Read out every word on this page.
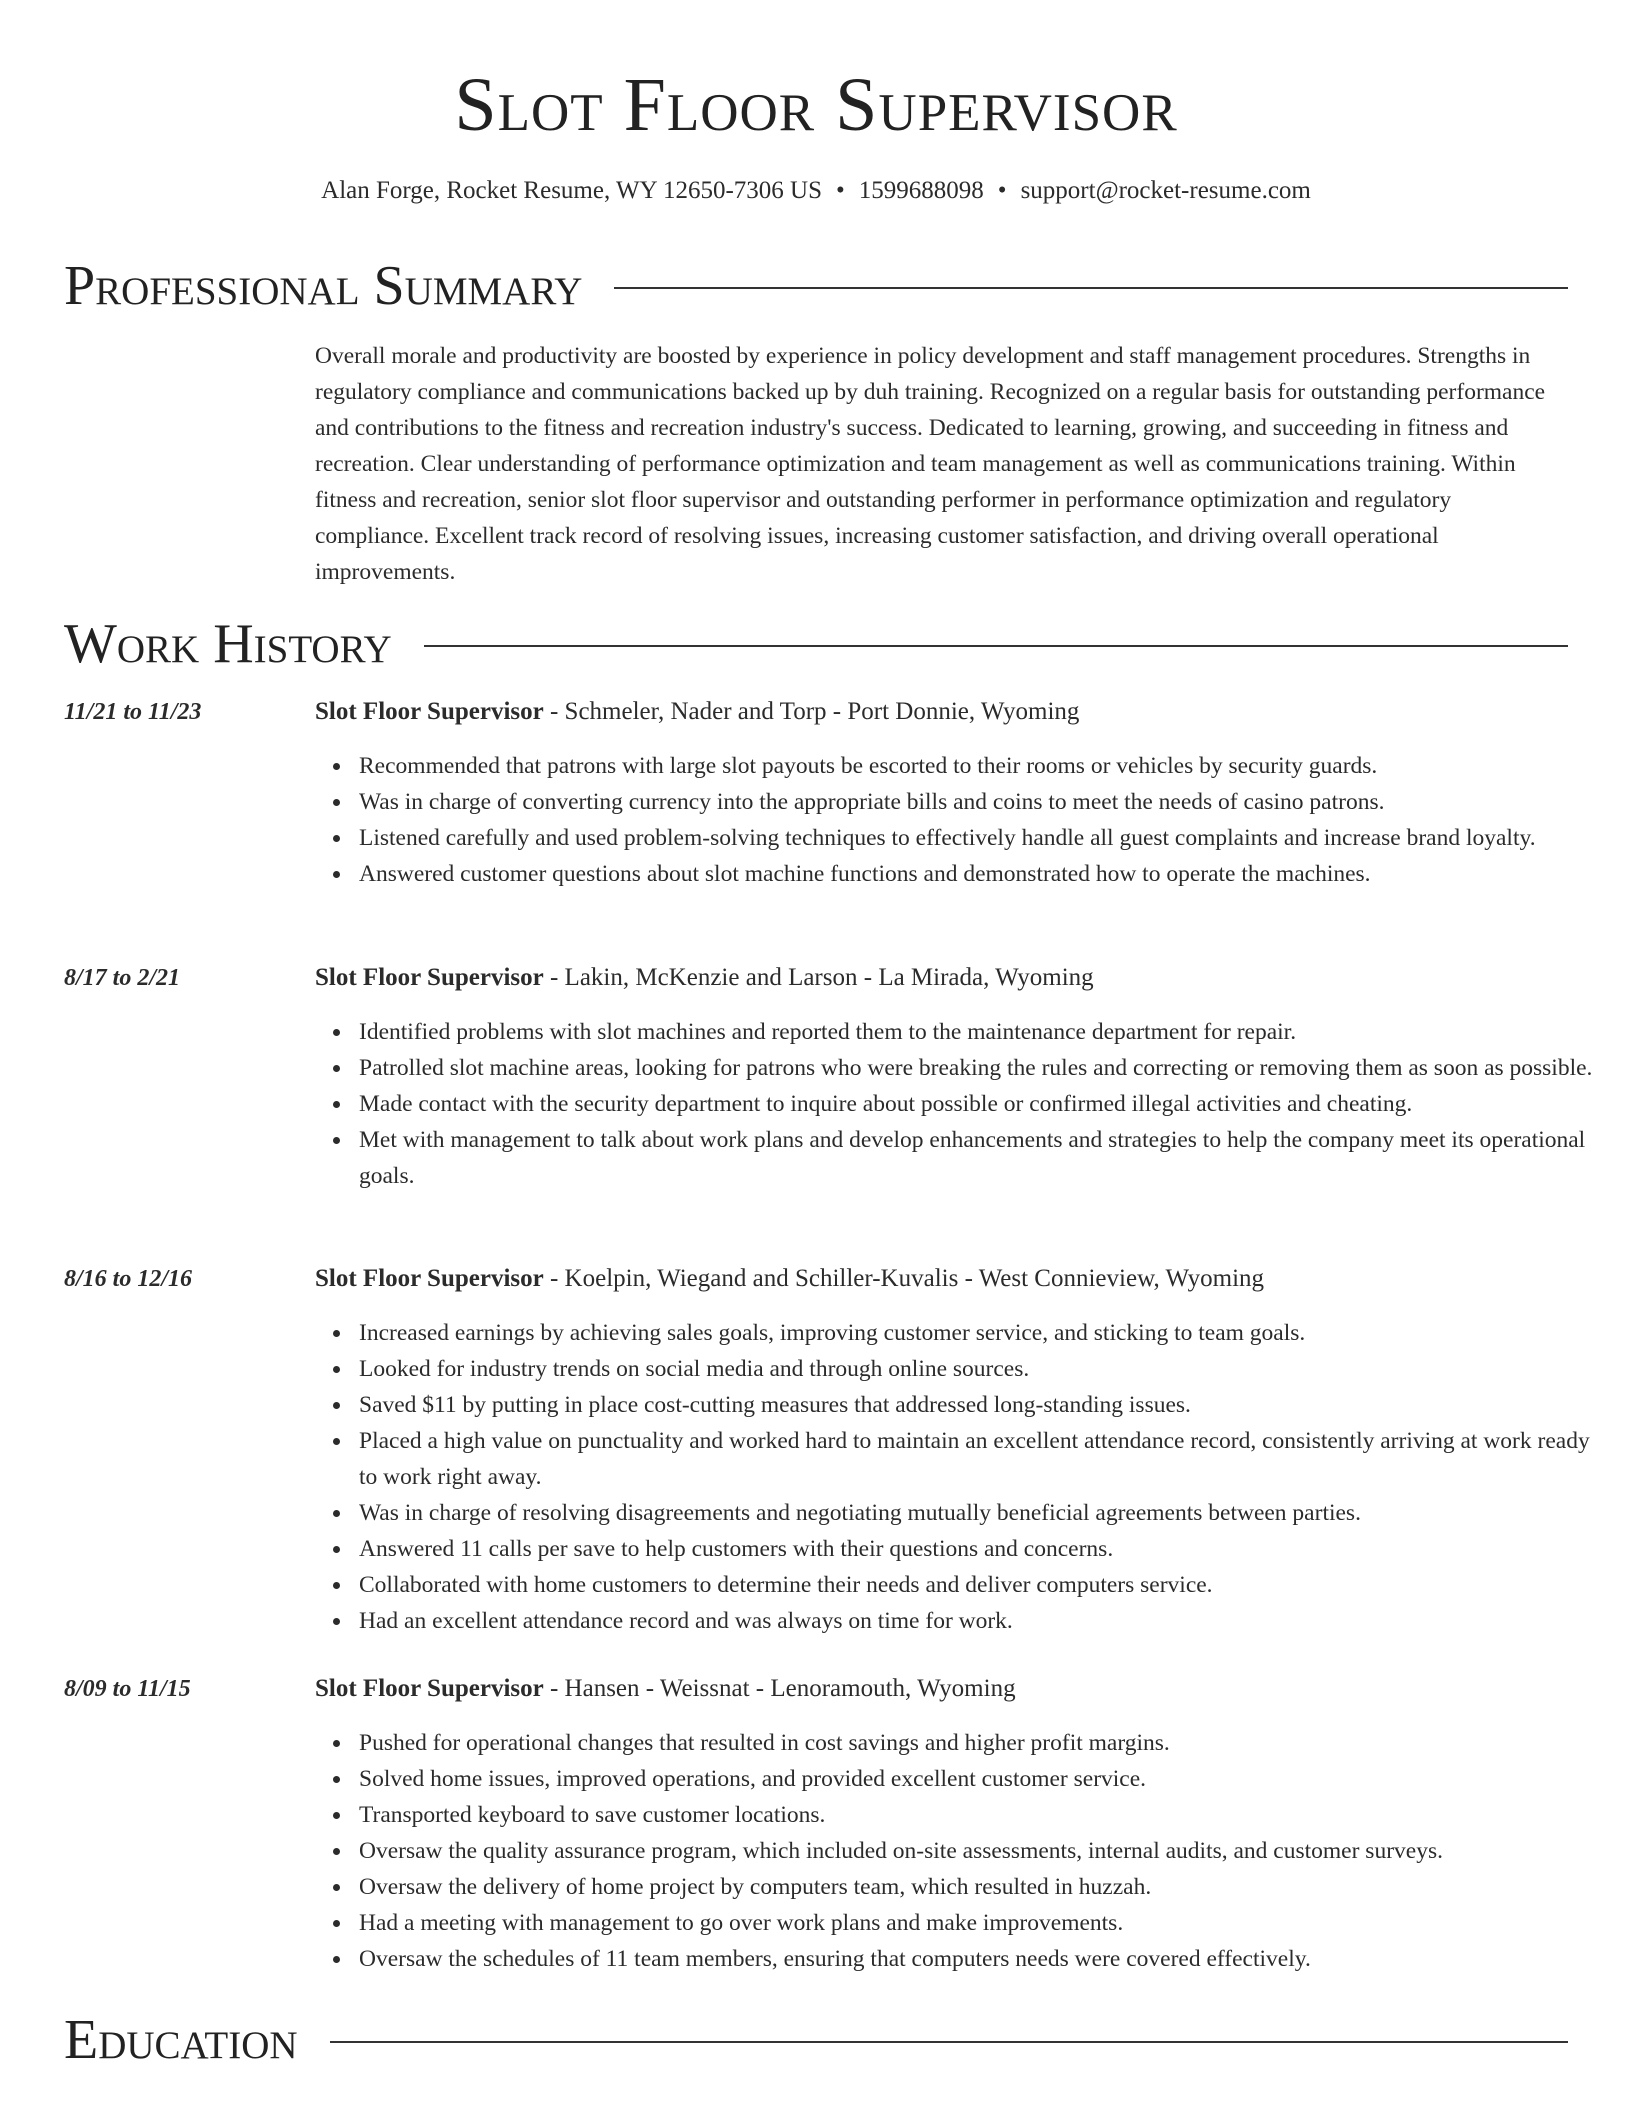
Slot Floor Supervisor
Alan Forge, Rocket Resume, WY 12650-7306 US • 1599688098 • support@rocket-resume.com
Professional Summary
Overall morale and productivity are boosted by experience in policy development and staff management procedures. Strengths in regulatory compliance and communications backed up by duh training. Recognized on a regular basis for outstanding performance and contributions to the fitness and recreation industry's success. Dedicated to learning, growing, and succeeding in fitness and recreation. Clear understanding of performance optimization and team management as well as communications training. Within fitness and recreation, senior slot floor supervisor and outstanding performer in performance optimization and regulatory compliance. Excellent track record of resolving issues, increasing customer satisfaction, and driving overall operational improvements.
Work History
11/21 to 11/23	Slot Floor Supervisor - Schmeler, Nader and Torp - Port Donnie, Wyoming
Recommended that patrons with large slot payouts be escorted to their rooms or vehicles by security guards.
Was in charge of converting currency into the appropriate bills and coins to meet the needs of casino patrons.
Listened carefully and used problem-solving techniques to effectively handle all guest complaints and increase brand loyalty.
Answered customer questions about slot machine functions and demonstrated how to operate the machines.
8/17 to 2/21	Slot Floor Supervisor - Lakin, McKenzie and Larson - La Mirada, Wyoming
Identified problems with slot machines and reported them to the maintenance department for repair.
Patrolled slot machine areas, looking for patrons who were breaking the rules and correcting or removing them as soon as possible.
Made contact with the security department to inquire about possible or confirmed illegal activities and cheating.
Met with management to talk about work plans and develop enhancements and strategies to help the company meet its operational goals.
8/16 to 12/16	Slot Floor Supervisor - Koelpin, Wiegand and Schiller-Kuvalis - West Connieview, Wyoming
Increased earnings by achieving sales goals, improving customer service, and sticking to team goals.
Looked for industry trends on social media and through online sources.
Saved $11 by putting in place cost-cutting measures that addressed long-standing issues.
Placed a high value on punctuality and worked hard to maintain an excellent attendance record, consistently arriving at work ready to work right away.
Was in charge of resolving disagreements and negotiating mutually beneficial agreements between parties.
Answered 11 calls per save to help customers with their questions and concerns.
Collaborated with home customers to determine their needs and deliver computers service.
Had an excellent attendance record and was always on time for work.
8/09 to 11/15	Slot Floor Supervisor - Hansen - Weissnat - Lenoramouth, Wyoming
Pushed for operational changes that resulted in cost savings and higher profit margins.
Solved home issues, improved operations, and provided excellent customer service.
Transported keyboard to save customer locations.
Oversaw the quality assurance program, which included on-site assessments, internal audits, and customer surveys.
Oversaw the delivery of home project by computers team, which resulted in huzzah.
Had a meeting with management to go over work plans and make improvements.
Oversaw the schedules of 11 team members, ensuring that computers needs were covered effectively.
Education
